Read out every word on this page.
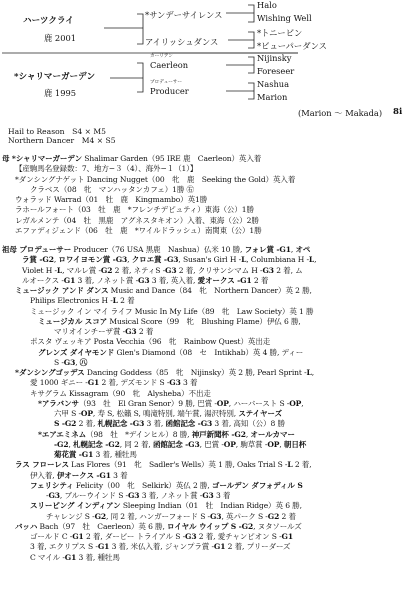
ハーツクライ
鹿 2001
*シャリマーガーデン
鹿 1995
*サンデーサイレンス
アイリッシュダンス
カーリアン
Caerleon
プロデューサー
Producer
Halo
Wishing Well
*トニービン
*ビューパーダンス
Nijinsky
Foreseer
Nashua
Marion
(Marion ～ Makada) 8i
Hail to Reason　S4 × M5
Northern Dancer　M4 × S5
母 *シャリマーガーデン Shalimar Garden（95 IRE 鹿　Caerleon）英入着
【産駒馬名登録数：7、地方−３（4）、海外−１（1）】
*ダンシングナゲット Dancing Nugget（00　牝　鹿　Seeking the Gold）英入着
クラベス（08　牝　マンハッタンカフェ）1勝 ㊨
ウォラッド Warrad（01　牡　鹿　Kingmambo）英1勝
ラホールフォート（03　牡　鹿　*フレンチデピュティ）東海（公）1勝
レガルメンテ（04　牡　黒鹿　アグネスタキオン）入着、東海（公）2勝
エファディジェンド（06　牡　鹿　*ワイルドラッシュ）南関東（公）1勝
祖母 プロデューサー Producer（76 USA 黒鹿　Nashua）仏米 10 勝, フォレ賞 -G1, オペ
ラ賞 -G2, ロワイヨモン賞 -G3, クロエ賞 -G3, Susan's Girl H -L, Columbiana H -L,
Violet H -L, マルレ賞 -G2 2 着, ネティS -G3 2 着, クリサンシマム H -G3 2 着, ム
ルオークス -G1 3 着, ノネット賞 -G3 3 着, 英入着, 愛オークス -G1 2 着
ミュージック アンド ダンス Music and Dance（84　牝　Northern Dancer）英 2 勝,
Philips Electronics H -L 2 着
ミュージック イン マイ ライフ Music In My Life（89　牝　Law Society）英 1 勝
ミュージカル スコア Musical Score（99　牝　Blushing Flame）伊仏 6 勝,
マリオインチーザ賞 -G3 2 着
ポスタ ヴェッキア Posta Vecchia（96　牝　Rainbow Quest）英出走
グレンズ ダイヤモンド Glen's Diamond（08　セ　Intikhab）英 4 勝, ディー
S -G3, ㊇
*ダンシングゴッデス Dancing Goddess（85　牝　Nijinsky）英 2 勝, Pearl Sprint -L,
愛 1000 ギニー -G1 2 着, デズモンド S -G3 3 着
キサグラム Kissagram（90　牝　Alysheba）不出走
*アラバンサ（93　牡　El Gran Senor）9 勝, 巴賞 -OP, ハーバースト S -OP,
六甲 S -OP, 寿 S, 松籟 S, 鳴滝特別, 端午賞, 湯沢特別, ステイヤーズ
S -G2 2 着, 札幌記念 -G3 3 着, 函館記念 -G3 3 着, 高知（公）8 勝
*エアエミネム（98　牡　*デインヒル）8 勝, 神戸新聞杯 -G2, オールカマー
-G2, 札幌記念 -G2, 同 2 着, 函館記念 -G3, 巴賞 -OP, 駒草賞 -OP, 朝日杯
菊花賞 -G1 3 着, 種牡馬
ラス フローレス Las Flores（91　牝　Sadler's Wells）英 1 勝, Oaks Trial S -L 2 着,
伊入着, 伊オークス -G1 3 着
フェリシティ Felicity（00　牝　Selkirk）英仏 2 勝, ゴールデン ダフォディル S
-G3, ブルーウインド S -G3 3 着, ノネット賞 -G3 3 着
スリーピング インディアン Sleeping Indian（01　牡　Indian Ridge）英 6 勝,
チャレンジ S -G2, 同 2 着, ハンガーフォード S -G3, 英パーク S -G2 2 着
バッハ Bach（97　牡　Caerleon）英 6 勝, ロイヤル ウイップ S -G2, ヌタソールズ
ゴールド C -G1 2 着, ダービー トライアル S -G3 2 着, 愛チャンピオン S -G1
3 着, エクリプス S -G1 3 着, 米仏入着, ジャンプラ賞 -G1 2 着, プリーダーズ
C マイル -G1 3 着, 種牡馬
